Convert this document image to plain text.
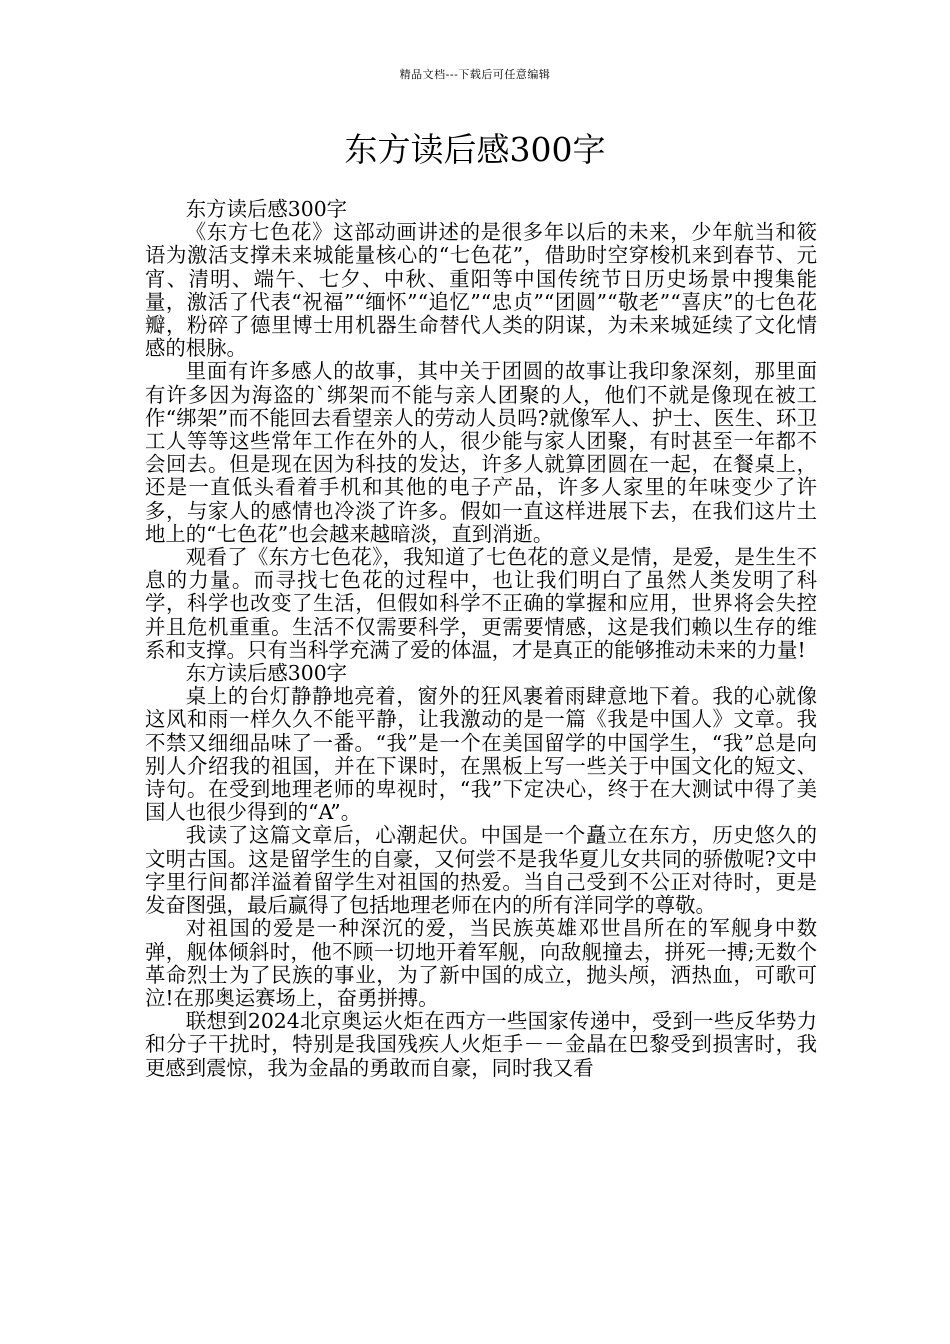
精品文档---下载后可任意编辑
东方读后感300字

东方读后感300字

《东方七色花》这部动画讲述的是很多年以后的未来，少年航当和筱语为激活支撑未来城能量核心的“七色花”，借助时空穿梭机来到春节、元宵、清明、端午、七夕、中秋、重阳等中国传统节日历史场景中搜集能量，激活了代表“祝福”“缅怀”“追忆”“忠贞”“团圆”“敬老”“喜庆”的七色花瓣，粉碎了德里博士用机器生命替代人类的阴谋，为未来城延续了文化情感的根脉。

里面有许多感人的故事，其中关于团圆的故事让我印象深刻，那里面有许多因为海盗的`绑架而不能与亲人团聚的人，他们不就是像现在被工作“绑架”而不能回去看望亲人的劳动人员吗?就像军人、护士、医生、环卫工人等等这些常年工作在外的人，很少能与家人团聚，有时甚至一年都不会回去。但是现在因为科技的发达，许多人就算团圆在一起，在餐桌上，还是一直低头看着手机和其他的电子产品，许多人家里的年味变少了许多，与家人的感情也冷淡了许多。假如一直这样进展下去，在我们这片土地上的“七色花”也会越来越暗淡，直到消逝。

观看了《东方七色花》，我知道了七色花的意义是情，是爱，是生生不息的力量。而寻找七色花的过程中，也让我们明白了虽然人类发明了科学，科学也改变了生活，但假如科学不正确的掌握和应用，世界将会失控并且危机重重。生活不仅需要科学，更需要情感，这是我们赖以生存的维系和支撑。只有当科学充满了爱的体温，才是真正的能够推动未来的力量!

东方读后感300字

桌上的台灯静静地亮着，窗外的狂风裹着雨肆意地下着。我的心就像这风和雨一样久久不能平静，让我激动的是一篇《我是中国人》文章。我不禁又细细品味了一番。“我”是一个在美国留学的中国学生，“我”总是向别人介绍我的祖国，并在下课时，在黑板上写一些关于中国文化的短文、诗句。在受到地理老师的卑视时，“我”下定决心，终于在大测试中得了美国人也很少得到的“A”。

我读了这篇文章后，心潮起伏。中国是一个矗立在东方，历史悠久的文明古国。这是留学生的自豪，又何尝不是我华夏儿女共同的骄傲呢?文中字里行间都洋溢着留学生对祖国的热爱。当自己受到不公正对待时，更是发奋图强，最后赢得了包括地理老师在内的所有洋同学的尊敬。

对祖国的爱是一种深沉的爱，当民族英雄邓世昌所在的军舰身中数弹，舰体倾斜时，他不顾一切地开着军舰，向敌舰撞去，拼死一搏;无数个革命烈士为了民族的事业，为了新中国的成立，抛头颅，洒热血，可歌可泣!在那奥运赛场上，奋勇拼搏。

联想到2024北京奥运火炬在西方一些国家传递中，受到一些反华势力和分子干扰时，特别是我国残疾人火炬手－－金晶在巴黎受到损害时，我更感到震惊，我为金晶的勇敢而自豪，同时我又看
